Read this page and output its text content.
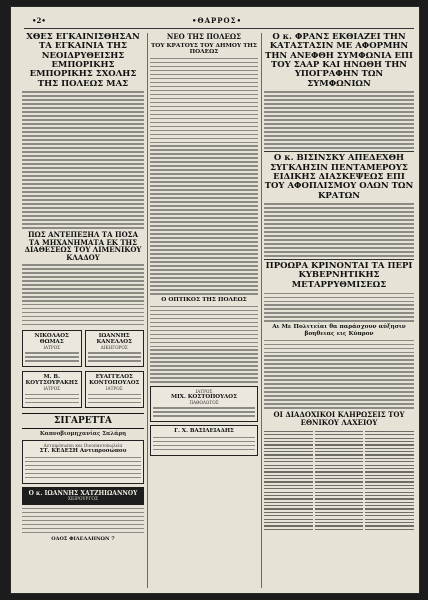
•2•	•ΘΑΡΡΟΣ•
ΧΘΕΣ ΕΓΚΑΙΝΙΣΘΗΣΑΝ ΤΑ ΕΓΚΑΙΝΙΑ ΤΗΣ ΝΕΟΙΔΡΥΘΕΙΣΗΣ ΕΜΠΟΡΙΚΗΣ ΕΜΠΟΡΙΚΗΣ ΣΧΟΛΗΣ ΤΗΣ ΠΟΛΕΩΣ ΜΑΣ
ΠΩΣ ΑΝΤΕΠΕΞΗΛ ΤΑ ΠΟΣΑ ΤΑ ΜΗΧΑΝΗΜΑΤΑ ΕΚ ΤΗΣ ΔΙΑΘΕΣΕΩΣ ΤΟΥ ΛΙΜΕΝΙΚΟΥ ΚΛΑΔΟΥ
ΝΙΚΟΛΑΟΣ ΘΩΜΑΣ
ΙΑΤΡΟΣ
ΙΩΑΝΝΗΣ ΚΑΝΕΛΛΟΣ
ΔΙΚΗΓΟΡΟΣ
Μ. Β. ΚΟΥΤΣΟΥΡΑΚΗΣ
ΙΑΤΡΟΣ
ΕΥΑΓΓΕΛΟΣ ΚΟΝΤΟΠΟΥΛΟΣ
ΙΑΤΡΟΣ
ΣΙΓΑΡΕΤΤΑ
Καπνοβιομηχανίας Σαλάρη
Αντιπρόσωποι και Οινοπαντοπωλεία
ΣΤ. ΚΕΔΕΣΗ Αντιπροσώπου
Ο κ. ΙΩΑΝΝΗΣ ΧΑΤΖΗΙΩΑΝΝΟΥ
ΧΕΙΡΟΥΡΓΟΣ
ΟΔΟΣ ΦΙΛΕΛΛΗΝΩΝ 7
ΝΕΟ ΤΗΣ ΠΟΛΕΩΣ
ΤΟΥ ΚΡΑΤΟΥΣ ΤΟΥ ΔΗΜΟΥ ΤΗΣ ΠΟΛΕΩΣ
Ο ΟΠΤΙΚΟΣ ΤΗΣ ΠΟΛΕΩΣ
ΙΑΤΡΟΣ
ΜΙΧ. ΚΟΣΤΟΠΟΥΛΟΣ
ΠΑΘΟΛΟΓΟΣ
Γ. Χ. ΒΑΣΙΛΕΙΑΔΗΣ
Ο κ. ΦΡΑΝΣ ΕΚΘΙΑΖΕΙ ΤΗΝ ΚΑΤΑΣΤΑΣΙΝ ΜΕ ΑΦΟΡΜΗΝ ΤΗΝ ΑΝΕΦΘΗ ΣΥΜΦΩΝΙΑ ΕΠΙ ΤΟΥ ΣΑΑΡ ΚΑΙ ΗΝΩΘΗ ΤΗΝ ΥΠΟΓΡΑΦΗΝ ΤΩΝ ΣΥΜΦΩΝΙΩΝ
Ο κ. ΒΙΣΙΝΣΚΥ ΑΠΕΔΕΧΘΗ ΣΥΓΚΛΗΣΙΝ ΠΕΝΤΑΜΕΡΟΥΣ ΕΙΔΙΚΗΣ ΔΙΑΣΚΕΨΕΩΣ ΕΠΙ ΤΟΥ ΑΦΟΠΛΙΣΜΟΥ ΟΛΩΝ ΤΩΝ ΚΡΑΤΩΝ
ΠΡΟΩΡΑ ΚΡΙΝΟΝΤΑΙ ΤΑ ΠΕΡΙ ΚΥΒΕΡΝΗΤΙΚΗΣ ΜΕΤΑΡΡΥΘΜΙΣΕΩΣ
Αι Με Πολιτείαι θα παράσχουν αύξησιν βοηθειας εις Κύπρον
ΟΙ ΔΙΑΔΟΧΙΚΟΙ ΚΛΗΡΩΣΕΙΣ ΤΟΥ ΕΘΝΙΚΟΥ ΛΑΧΕΙΟΥ
